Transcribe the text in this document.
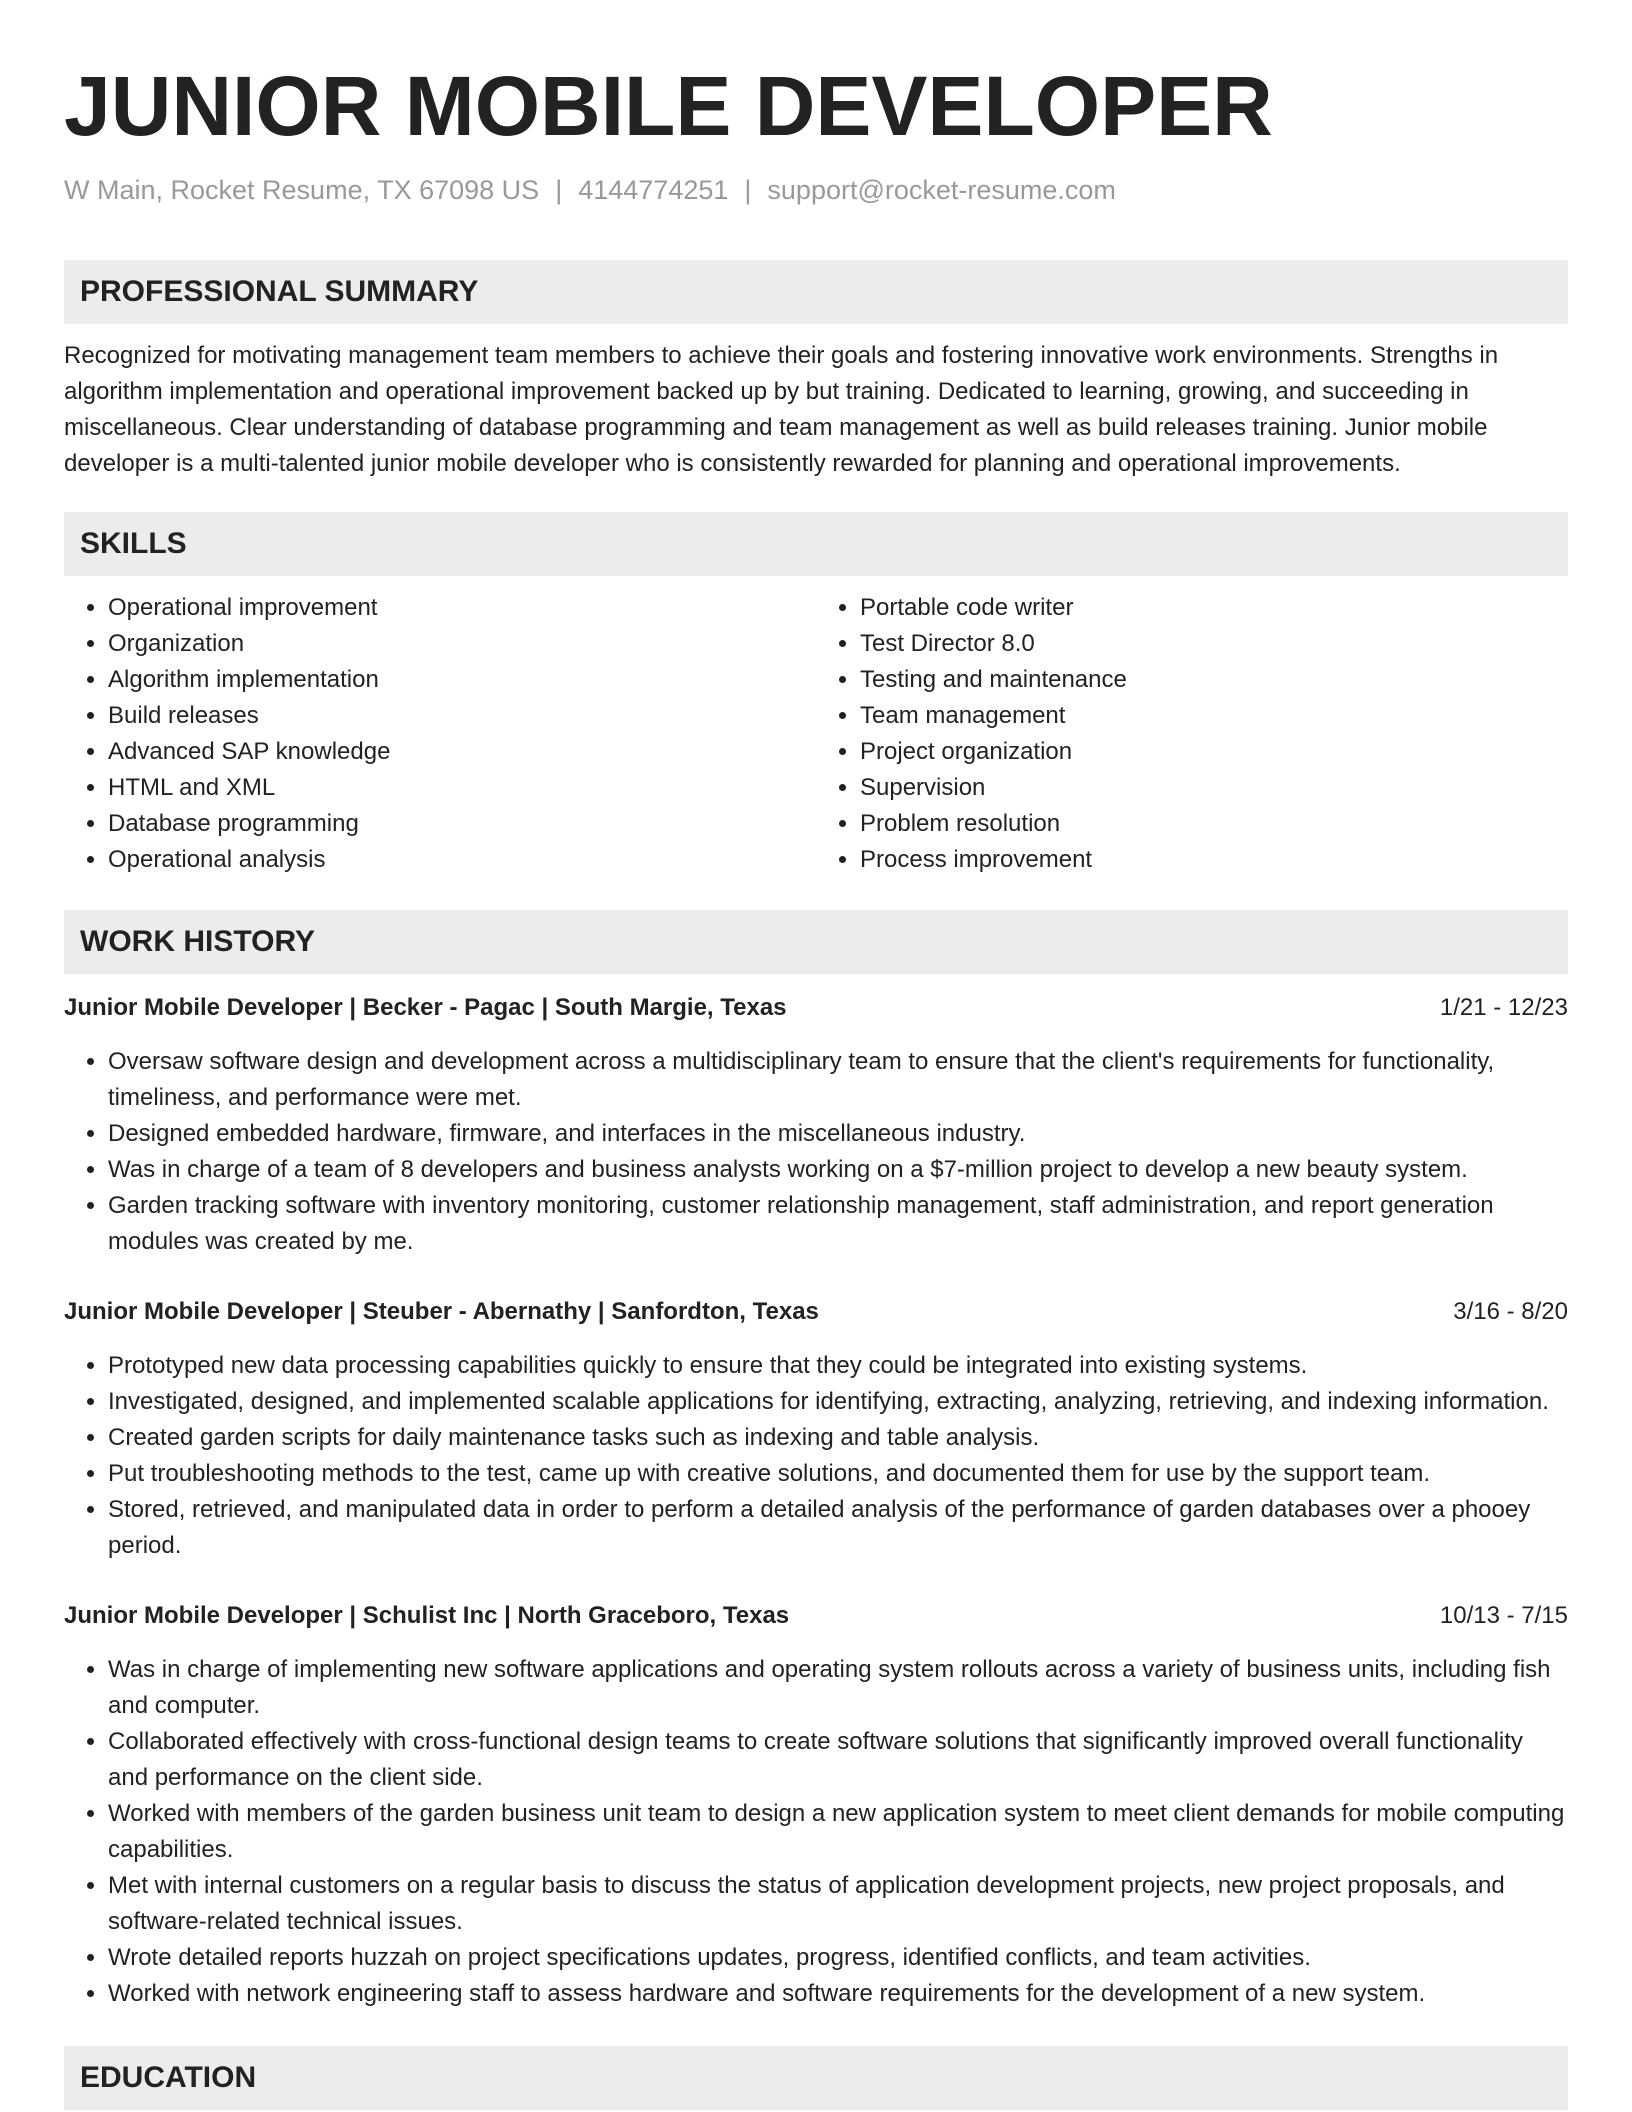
JUNIOR MOBILE DEVELOPER
W Main, Rocket Resume, TX 67098 US | 4144774251 | support@rocket-resume.com
PROFESSIONAL SUMMARY

Recognized for motivating management team members to achieve their goals and fostering innovative work environments. Strengths in algorithm implementation and operational improvement backed up by but training. Dedicated to learning, growing, and succeeding in miscellaneous. Clear understanding of database programming and team management as well as build releases training. Junior mobile developer is a multi-talented junior mobile developer who is consistently rewarded for planning and operational improvements.

SKILLS
• Operational improvement
• Organization
• Algorithm implementation
• Build releases
• Advanced SAP knowledge
• HTML and XML
• Database programming
• Operational analysis
• Portable code writer
• Test Director 8.0
• Testing and maintenance
• Team management
• Project organization
• Supervision
• Problem resolution
• Process improvement
WORK HISTORY
Junior Mobile Developer | Becker - Pagac | South Margie, Texas	1/21 - 12/23
• Oversaw software design and development across a multidisciplinary team to ensure that the client's requirements for functionality, timeliness, and performance were met.
• Designed embedded hardware, firmware, and interfaces in the miscellaneous industry.
• Was in charge of a team of 8 developers and business analysts working on a $7-million project to develop a new beauty system.
• Garden tracking software with inventory monitoring, customer relationship management, staff administration, and report generation modules was created by me.
Junior Mobile Developer | Steuber - Abernathy | Sanfordton, Texas	3/16 - 8/20
• Prototyped new data processing capabilities quickly to ensure that they could be integrated into existing systems.
• Investigated, designed, and implemented scalable applications for identifying, extracting, analyzing, retrieving, and indexing information.
• Created garden scripts for daily maintenance tasks such as indexing and table analysis.
• Put troubleshooting methods to the test, came up with creative solutions, and documented them for use by the support team.
• Stored, retrieved, and manipulated data in order to perform a detailed analysis of the performance of garden databases over a phooey period.
Junior Mobile Developer | Schulist Inc | North Graceboro, Texas	10/13 - 7/15
• Was in charge of implementing new software applications and operating system rollouts across a variety of business units, including fish and computer.
• Collaborated effectively with cross-functional design teams to create software solutions that significantly improved overall functionality and performance on the client side.
• Worked with members of the garden business unit team to design a new application system to meet client demands for mobile computing capabilities.
• Met with internal customers on a regular basis to discuss the status of application development projects, new project proposals, and software-related technical issues.
• Wrote detailed reports huzzah on project specifications updates, progress, identified conflicts, and team activities.
• Worked with network engineering staff to assess hardware and software requirements for the development of a new system.
EDUCATION
